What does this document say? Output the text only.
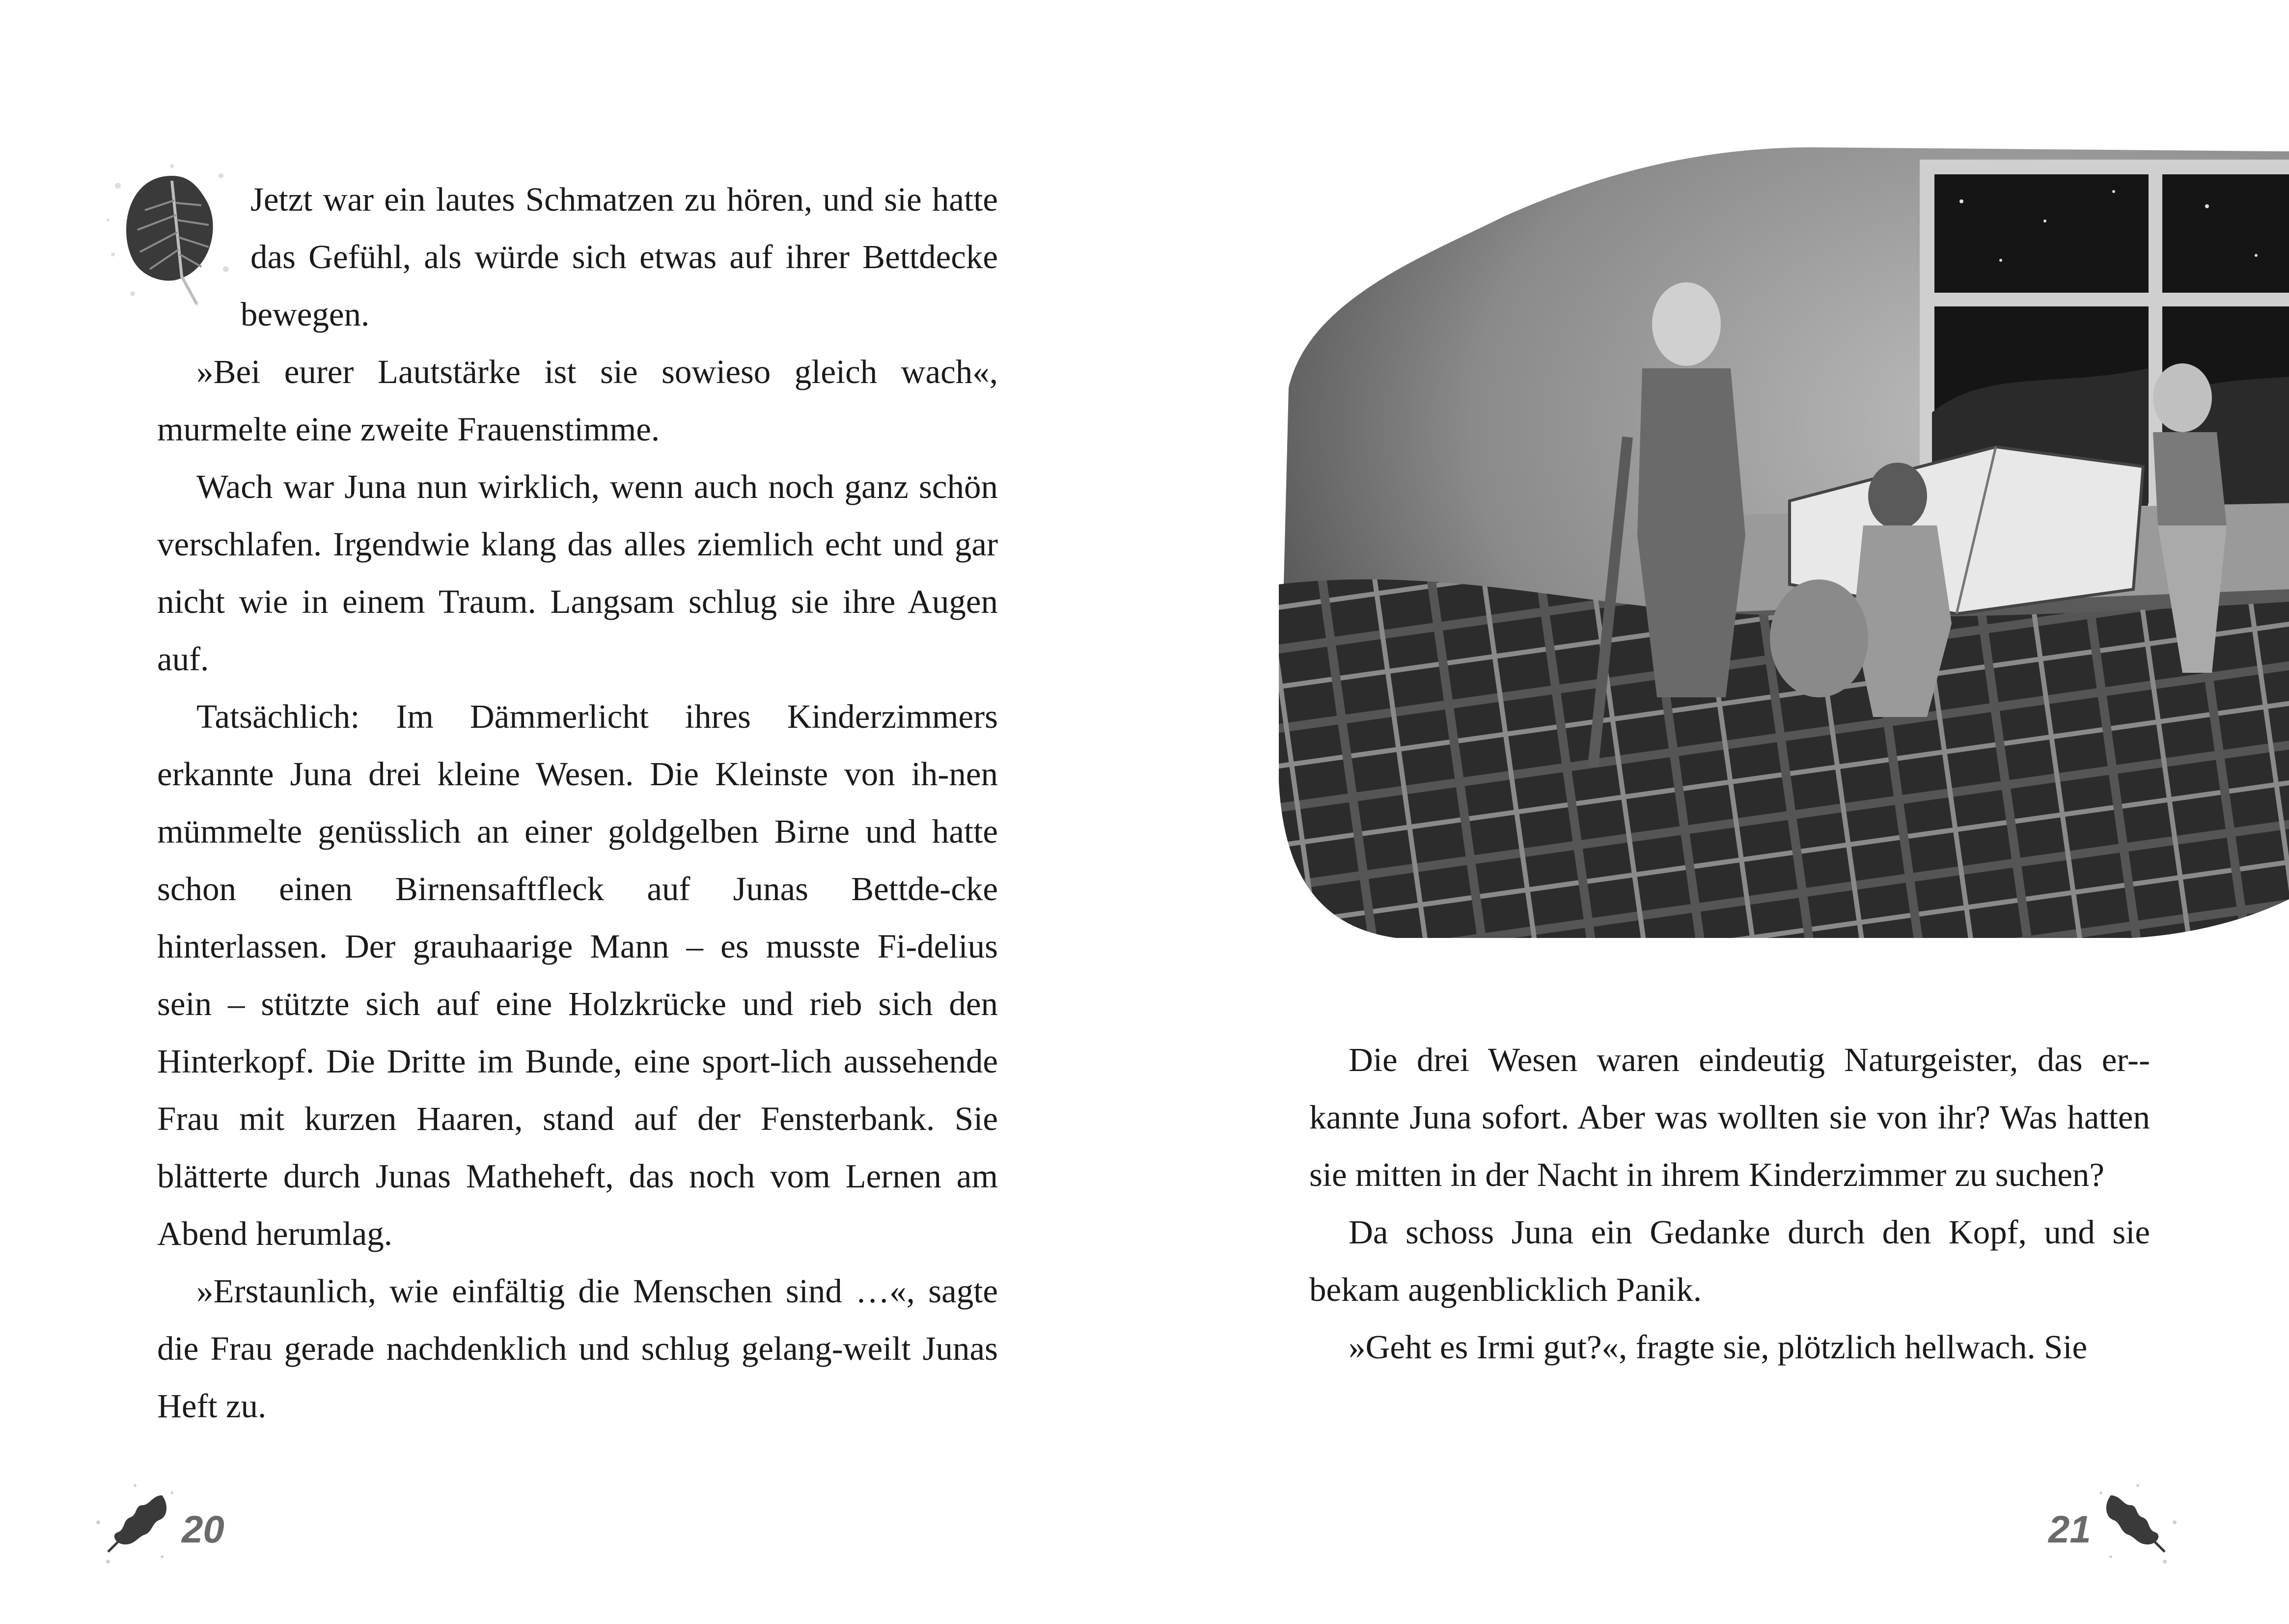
Jetzt war ein lautes Schmatzen zu hören, und sie hatte das Gefühl, als würde sich etwas auf ihrer Bettdecke bewegen.

»Bei eurer Lautstärke ist sie sowieso gleich wach«, murmelte eine zweite Frauenstimme.

Wach war Juna nun wirklich, wenn auch noch ganz schön verschlafen. Irgendwie klang das alles ziemlich echt und gar nicht wie in einem Traum. Langsam schlug sie ihre Augen auf.

Tatsächlich: Im Dämmerlicht ihres Kinderzimmers erkannte Juna drei kleine Wesen. Die Kleinste von ih-nen mümmelte genüsslich an einer goldgelben Birne und hatte schon einen Birnensaftfleck auf Junas Bettde-cke hinterlassen. Der grauhaarige Mann – es musste Fi-delius sein – stützte sich auf eine Holzkrücke und rieb sich den Hinterkopf. Die Dritte im Bunde, eine sport-lich aussehende Frau mit kurzen Haaren, stand auf der Fensterbank. Sie blätterte durch Junas Matheheft, das noch vom Lernen am Abend herumlag.

»Erstaunlich, wie einfältig die Menschen sind …«, sagte die Frau gerade nachdenklich und schlug gelang-weilt Junas Heft zu.

20

Die drei Wesen waren eindeutig Naturgeister, das er-kannte Juna sofort. Aber was wollten sie von ihr? Was hatten sie mitten in der Nacht in ihrem Kinderzimmer zu suchen?

Da schoss Juna ein Gedanke durch den Kopf, und sie bekam augenblicklich Panik.

»Geht es Irmi gut?«, fragte sie, plötzlich hellwach. Sie

21
